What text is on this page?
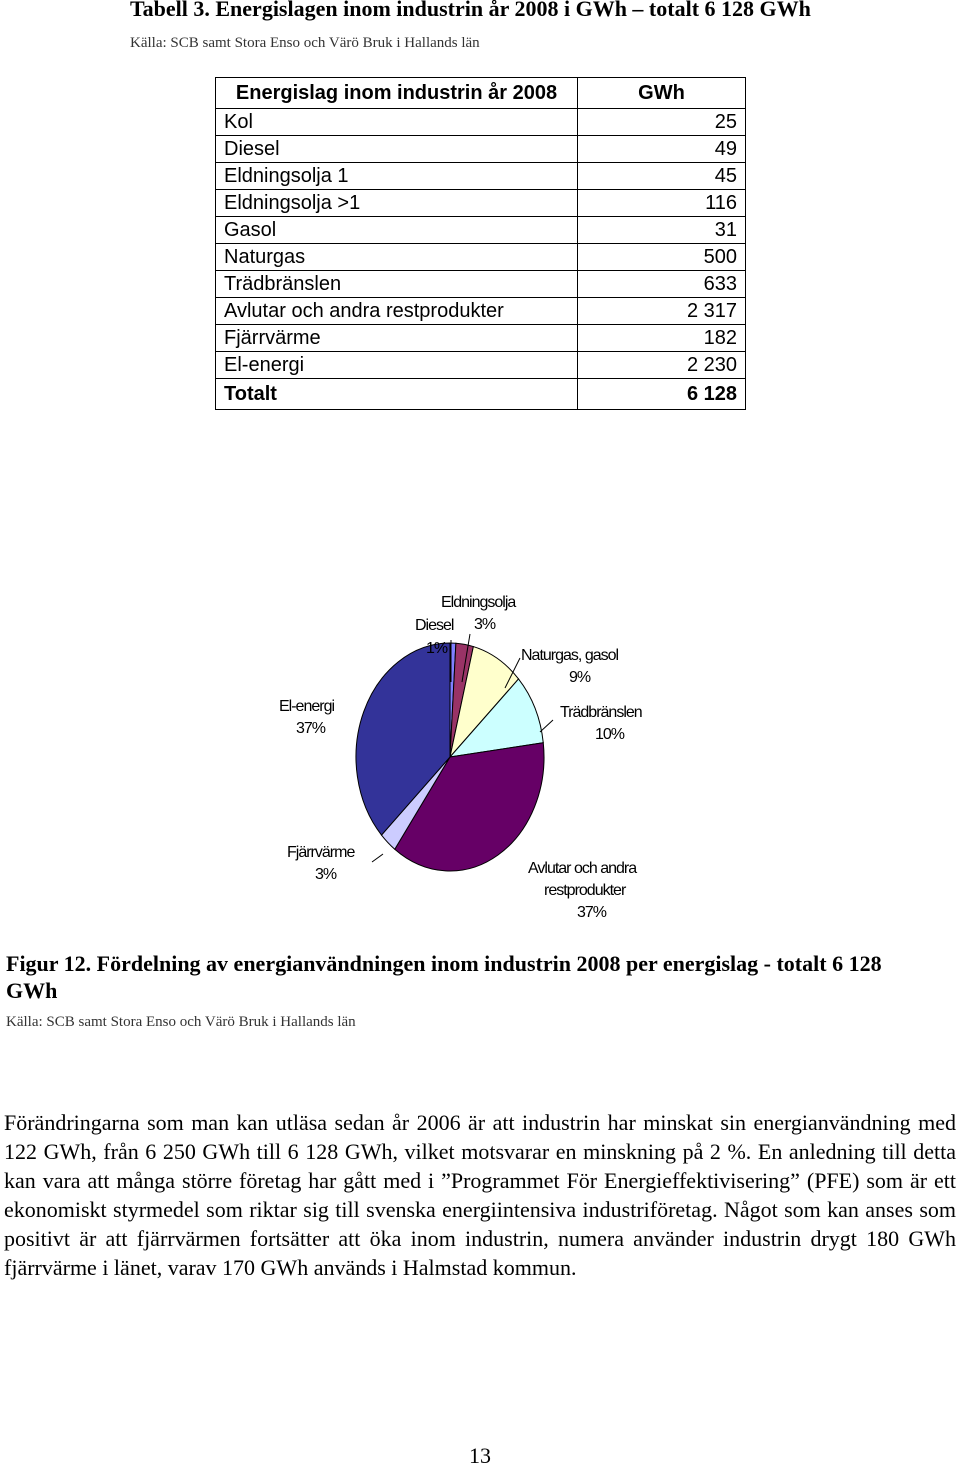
Tabell 3. Energislagen inom industrin år 2008 i GWh – totalt 6 128 GWh
Källa: SCB samt Stora Enso och Värö Bruk i Hallands län
Energislag inom industrin år 2008	GWh
Kol	25
Diesel	49
Eldningsolja 1	45
Eldningsolja >1	116
Gasol	31
Naturgas	500
Trädbränslen	633
Avlutar och andra restprodukter	2 317
Fjärrvärme	182
El-energi	2 230
Totalt	6 128
Diesel
1%
Eldningsolja
3%
Naturgas, gasol
9%
Trädbränslen
10%
Avlutar och andra
restprodukter
37%
Fjärrvärme
3%
El-energi
37%
Figur 12. Fördelning av energianvändningen inom industrin 2008 per energislag - totalt 6 128 GWh
Källa: SCB samt Stora Enso och Värö Bruk i Hallands län
Förändringarna som man kan utläsa sedan år 2006 är att industrin har minskat sin energianvändning med 122 GWh, från 6 250 GWh till 6 128 GWh, vilket motsvarar en minskning på 2 %. En anledning till detta kan vara att många större företag har gått med i ”Programmet För Energieffektivisering” (PFE) som är ett ekonomiskt styrmedel som riktar sig till svenska energiintensiva industriföretag. Något som kan anses som positivt är att fjärrvärmen fortsätter att öka inom industrin, numera använder industrin drygt 180 GWh fjärrvärme i länet, varav 170 GWh används i Halmstad kommun.
13
